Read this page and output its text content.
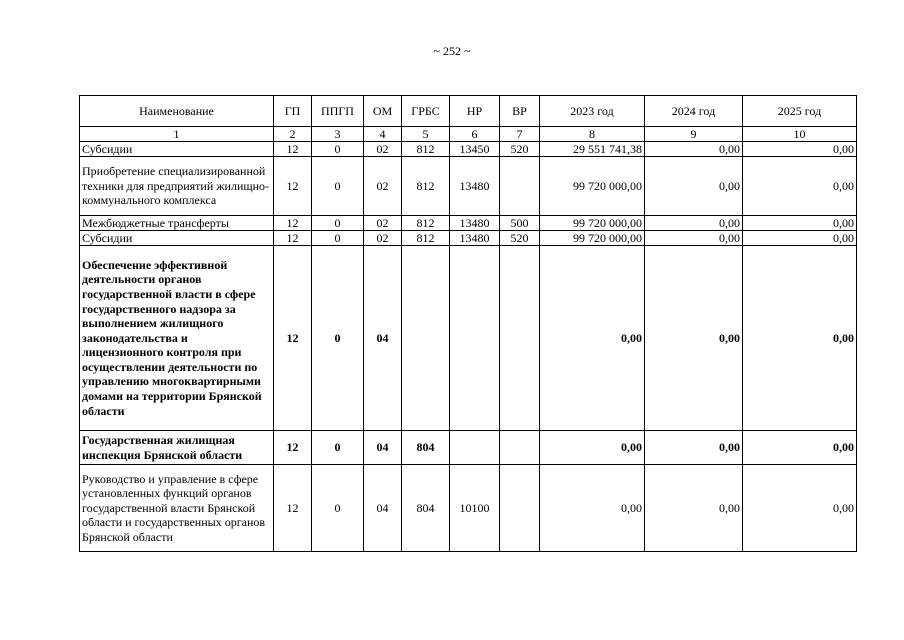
~ 252 ~
Наименование	ГП	ППГП	ОМ	ГРБС	НР	ВР	2023 год	2024 год	2025 год
1	2	3	4	5	6	7	8	9	10
Субсидии	12	0	02	812	13450	520	29 551 741,38	0,00	0,00
Приобретение специализированной техники для предприятий жилищно-коммунального комплекса	12	0	02	812	13480		99 720 000,00	0,00	0,00
Межбюджетные трансферты	12	0	02	812	13480	500	99 720 000,00	0,00	0,00
Субсидии	12	0	02	812	13480	520	99 720 000,00	0,00	0,00
Обеспечение эффективной деятельности органов государственной власти в сфере государственного надзора за выполнением жилищного законодательства и лицензионного контроля при осуществлении деятельности по управлению многоквартирными домами на территории Брянской области	12	0	04				0,00	0,00	0,00
Государственная жилищная инспекция Брянской области	12	0	04	804			0,00	0,00	0,00
Руководство и управление в сфере установленных функций органов государственной власти Брянской области и государственных органов Брянской области	12	0	04	804	10100		0,00	0,00	0,00
